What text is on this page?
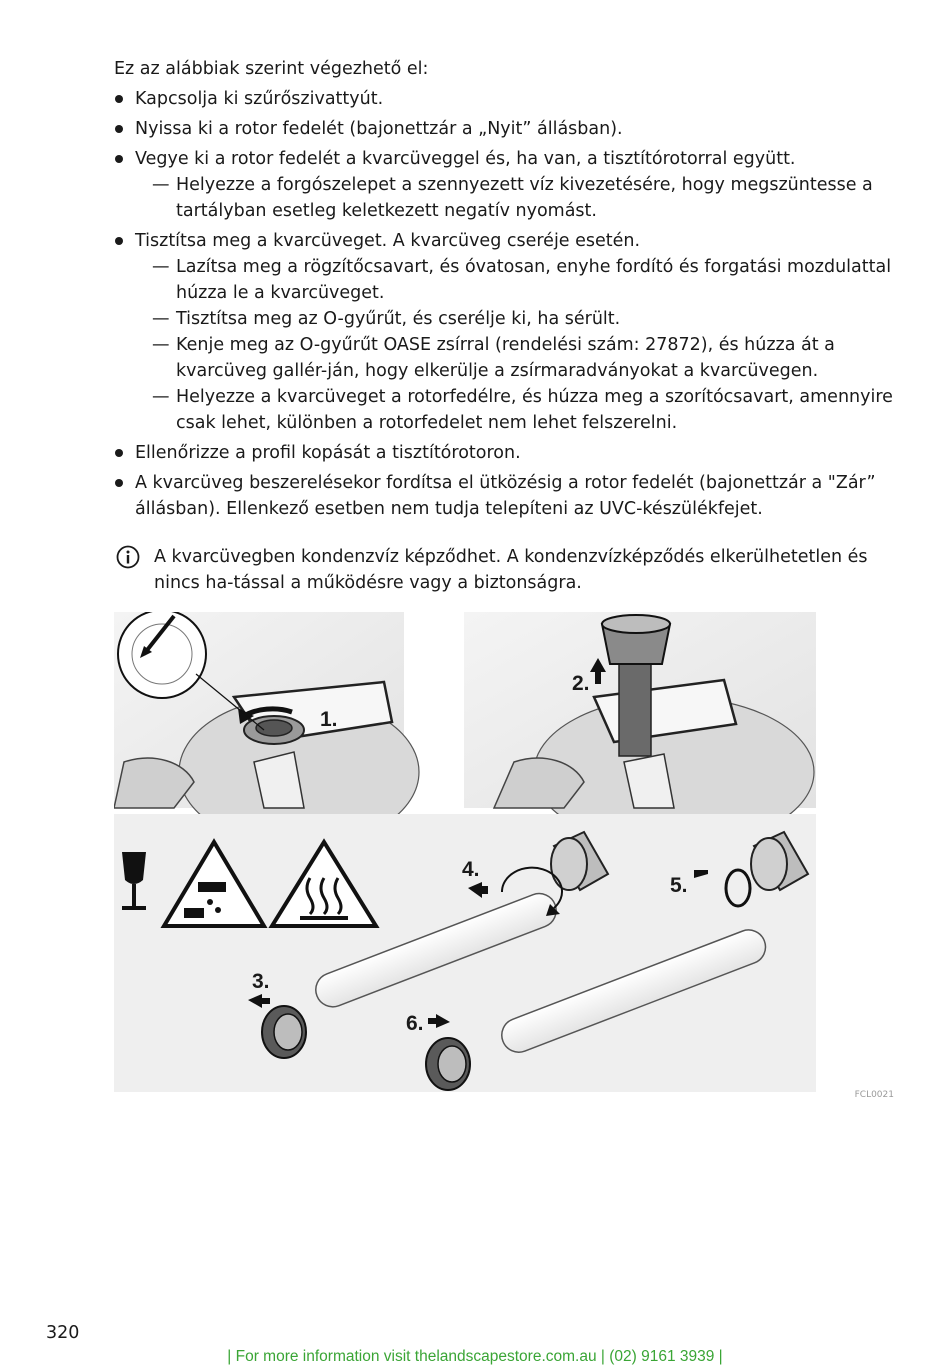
Ez az alábbiak szerint végezhető el:

Kapcsolja ki szűrőszivattyút.
Nyissa ki a rotor fedelét (bajonettzár a „Nyit” állásban).
Vegye ki a rotor fedelét a kvarcüveggel és, ha van, a tisztítórotorral együtt.
— Helyezze a forgószelepet a szennyezett víz kivezetésére, hogy megszüntesse a tartályban esetleg keletkezett negatív nyomást.
Tisztítsa meg a kvarcüveget. A kvarcüveg cseréje esetén.
— Lazítsa meg a rögzítőcsavart, és óvatosan, enyhe fordító és forgatási mozdulattal húzza le a kvarcüveget.
— Tisztítsa meg az O-gyűrűt, és cserélje ki, ha sérült.
— Kenje meg az O-gyűrűt OASE zsírral (rendelési szám: 27872), és húzza át a kvarcüveg gallér-ján, hogy elkerülje a zsírmaradványokat a kvarcüvegen.
— Helyezze a kvarcüveget a rotorfedélre, és húzza meg a szorítócsavart, amennyire csak lehet, különben a rotorfedelet nem lehet felszerelni.
Ellenőrizze a profil kopását a tisztítórotoron.
A kvarcüveg beszerelésekor fordítsa el ütközésig a rotor fedelét (bajonettzár a "Zár” állásban). Ellenkező esetben nem tudja telepíteni az UVC-készülékfejet.
A kvarcüvegben kondenzvíz képződhet. A kondenzvízképződés elkerülhetetlen és nincs ha-tással a működésre vagy a biztonságra.
1.
2.
4.
5.
3.
6.
FCL0021
320
| For more information visit thelandscapestore.com.au | (02) 9161 3939 |
